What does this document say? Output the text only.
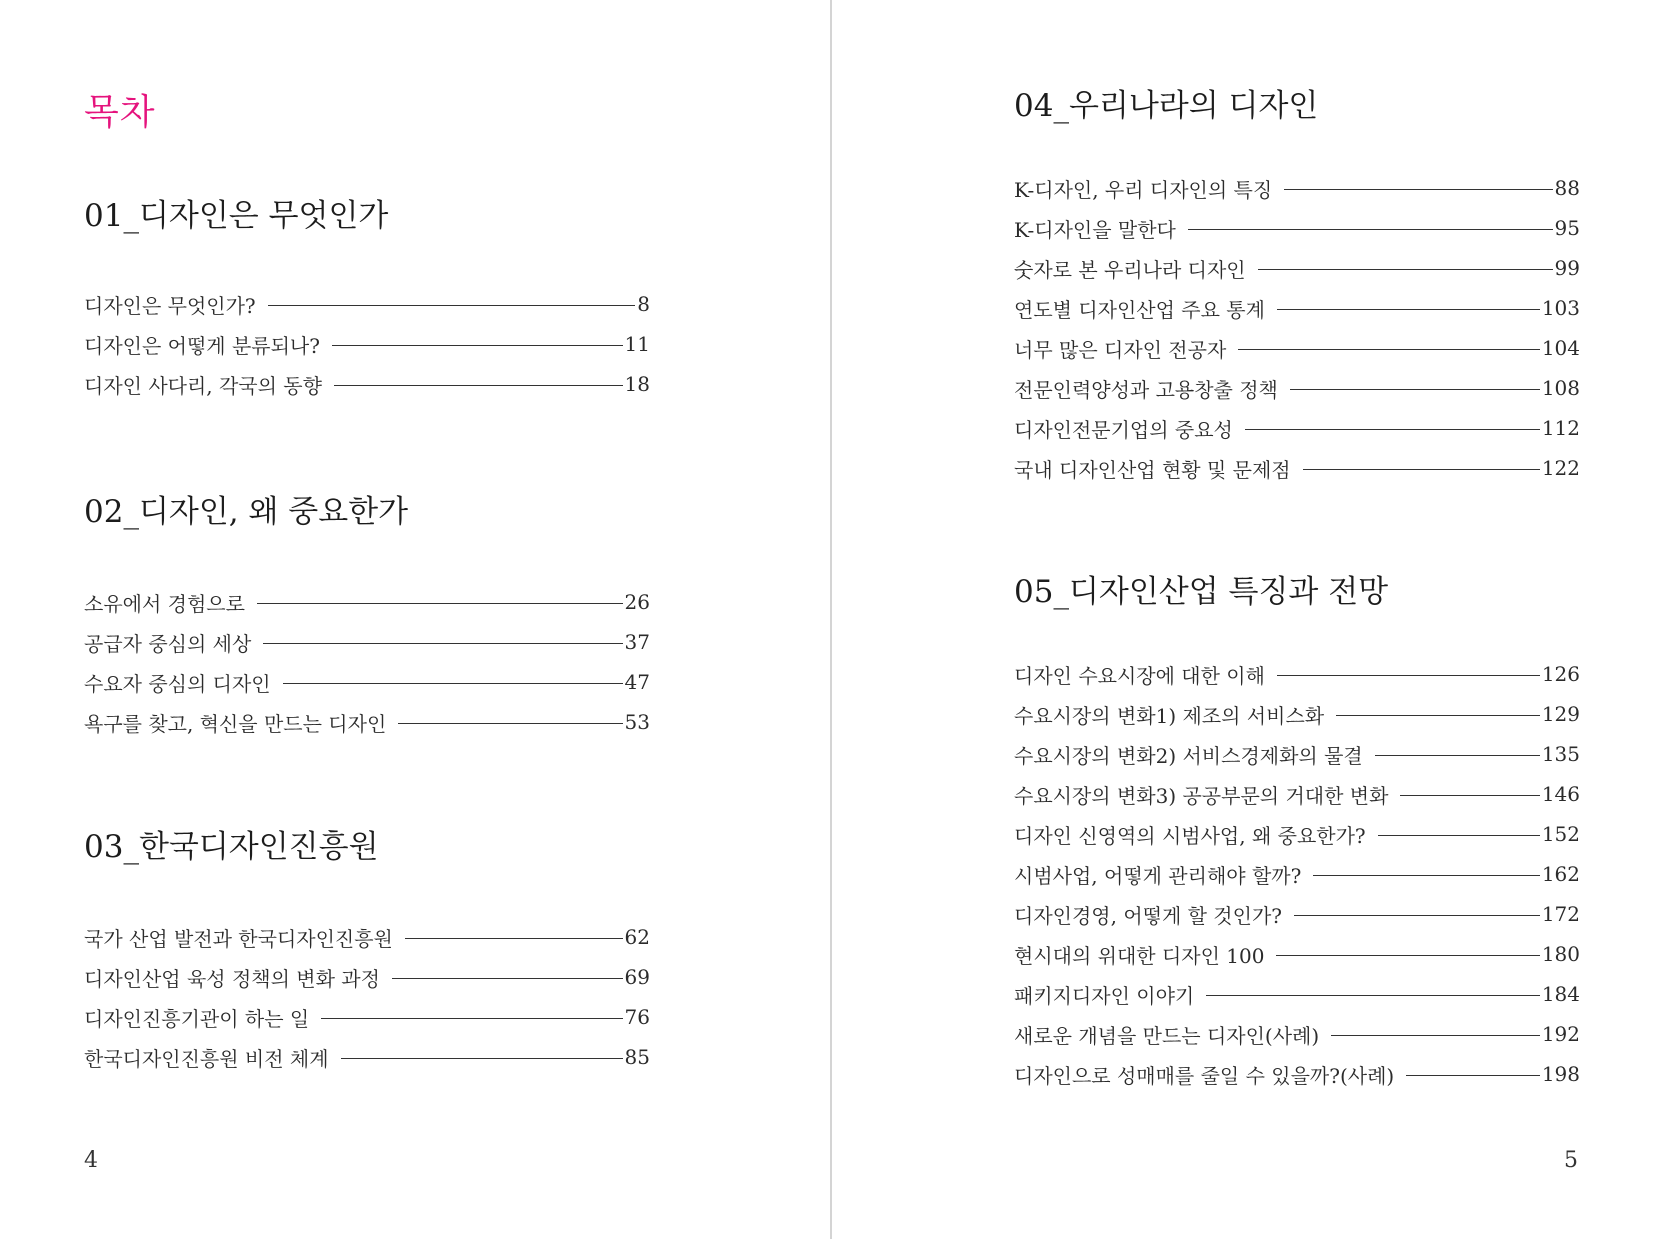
목차
01_디자인은 무엇인가
디자인은 무엇인가?	8
디자인은 어떻게 분류되나?	11
디자인 사다리, 각국의 동향	18
02_디자인, 왜 중요한가
소유에서 경험으로	26
공급자 중심의 세상	37
수요자 중심의 디자인	47
욕구를 찾고, 혁신을 만드는 디자인	53
03_한국디자인진흥원
국가 산업 발전과 한국디자인진흥원	62
디자인산업 육성 정책의 변화 과정	69
디자인진흥기관이 하는 일	76
한국디자인진흥원 비전 체계	85
4
04_우리나라의 디자인
K-디자인, 우리 디자인의 특징	88
K-디자인을 말한다	95
숫자로 본 우리나라 디자인	99
연도별 디자인산업 주요 통계	103
너무 많은 디자인 전공자	104
전문인력양성과 고용창출 정책	108
디자인전문기업의 중요성	112
국내 디자인산업 현황 및 문제점	122
05_디자인산업 특징과 전망
디자인 수요시장에 대한 이해	126
수요시장의 변화1) 제조의 서비스화	129
수요시장의 변화2) 서비스경제화의 물결	135
수요시장의 변화3) 공공부문의 거대한 변화	146
디자인 신영역의 시범사업, 왜 중요한가?	152
시범사업, 어떻게 관리해야 할까?	162
디자인경영, 어떻게 할 것인가?	172
현시대의 위대한 디자인 100	180
패키지디자인 이야기	184
새로운 개념을 만드는 디자인(사례)	192
디자인으로 성매매를 줄일 수 있을까?(사례)	198
5
